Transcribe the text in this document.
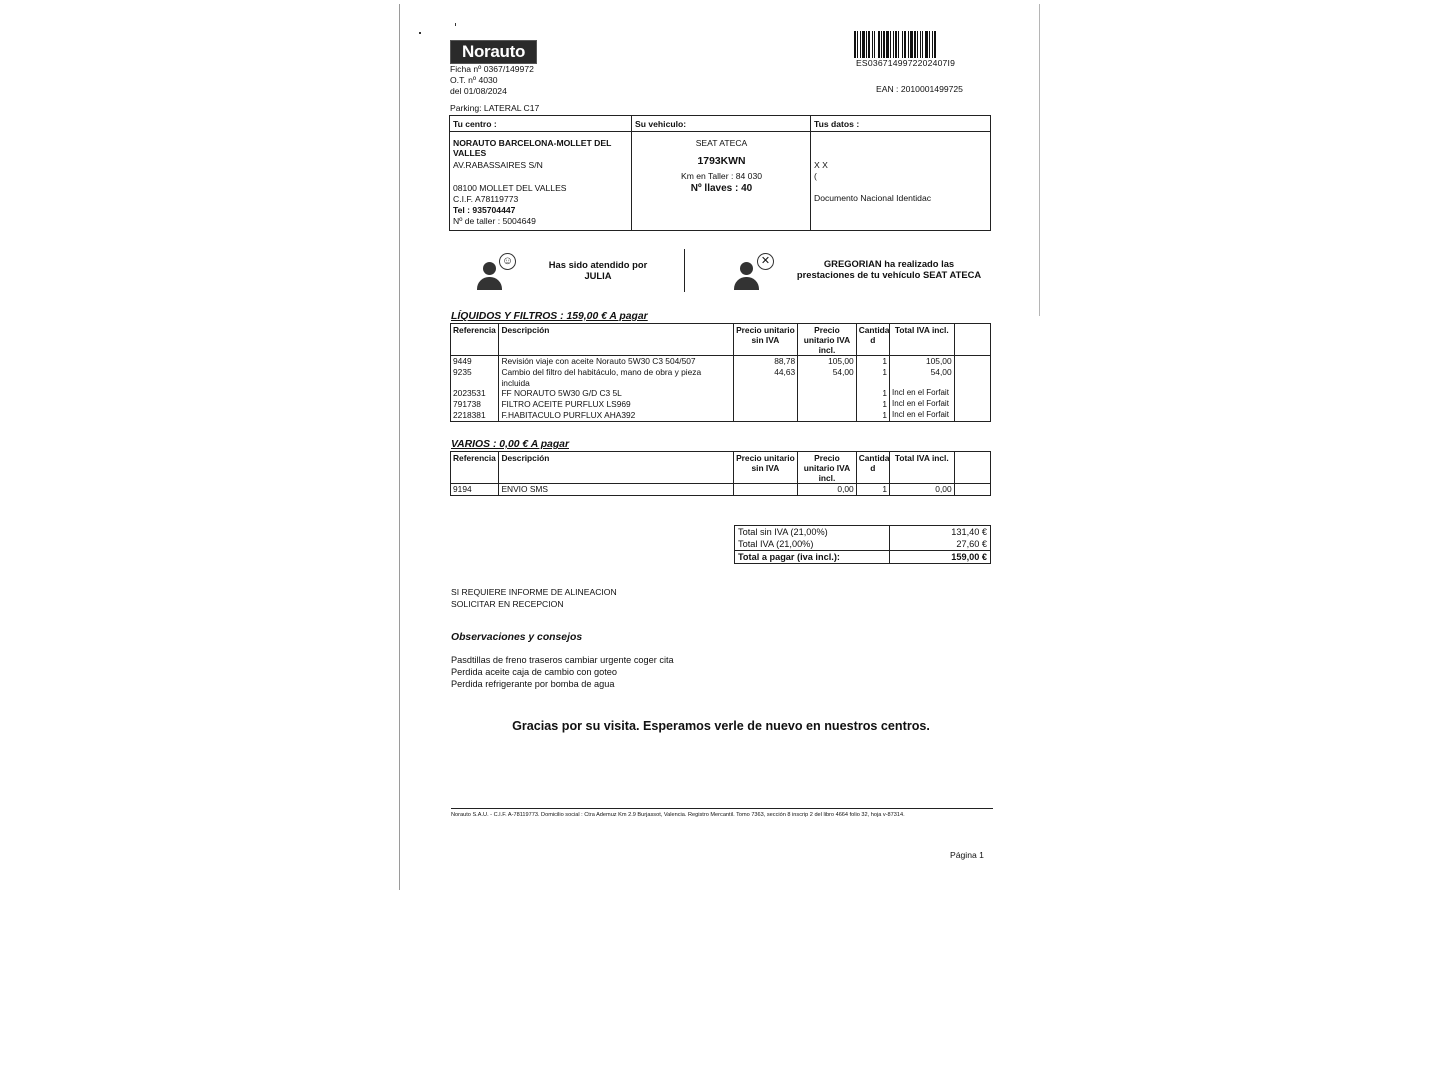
Norauto
Ficha nº 0367/149972
O.T. nº 4030
del 01/08/2024
Parking: LATERAL C17
ES0367149972202407I9
EAN : 2010001499725
Tu centro :
NORAUTO BARCELONA-MOLLET DEL
VALLES
AV.RABASSAIRES S/N
08100 MOLLET DEL VALLES
C.I.F. A78119773
Tel : 935704447
Nº de taller : 5004649
Su vehiculo:
SEAT ATECA
1793KWN
Km en Taller : 84 030
Nº llaves : 40
Tus datos :
X X
(
Documento Nacional Identidac
☺	Has sido atendido por
JULIA
✕	GREGORIAN ha realizado las
prestaciones de tu vehículo SEAT ATECA
LÍQUIDOS Y FILTROS : 159,00 € A pagar
Referencia	Descripción	Precio unitario sin IVA	Precio unitario IVA incl.	Cantida d	Total IVA incl.	
9449	Revisión viaje con aceite Norauto 5W30 C3 504/507	88,78	105,00	1	105,00	
9235	Cambio del filtro del habitáculo, mano de obra y pieza incluida	44,63	54,00	1	54,00	
2023531	FF NORAUTO 5W30 G/D C3 5L			1	Incl en el Forfait	
791738	FILTRO ACEITE PURFLUX LS969			1	Incl en el Forfait	
2218381	F.HABITACULO PURFLUX AHA392			1	Incl en el Forfait	
VARIOS : 0,00 € A pagar
Referencia	Descripción	Precio unitario sin IVA	Precio unitario IVA incl.	Cantida d	Total IVA incl.	
9194	ENVIO SMS		0,00	1	0,00	
Total sin IVA (21,00%)	131,40 €
Total IVA (21,00%)	27,60 €
Total a pagar (iva incl.):	159,00 €
SI REQUIERE INFORME DE ALINEACION
SOLICITAR EN RECEPCION
Observaciones y consejos
Pasdtillas de freno traseros cambiar urgente coger cita
Perdida aceite caja de cambio con goteo
Perdida refrigerante por bomba de agua
Gracias por su visita. Esperamos verle de nuevo en nuestros centros.
Norauto S.A.U. - C.I.F. A-78119773. Domicilio social : Ctra Ademuz Km 2.9 Burjassot, Valencia. Registro Mercantil. Tomo 7363, sección 8 inscrip 2 del libro 4664 folio 32, hoja v-87314.
Página 1
